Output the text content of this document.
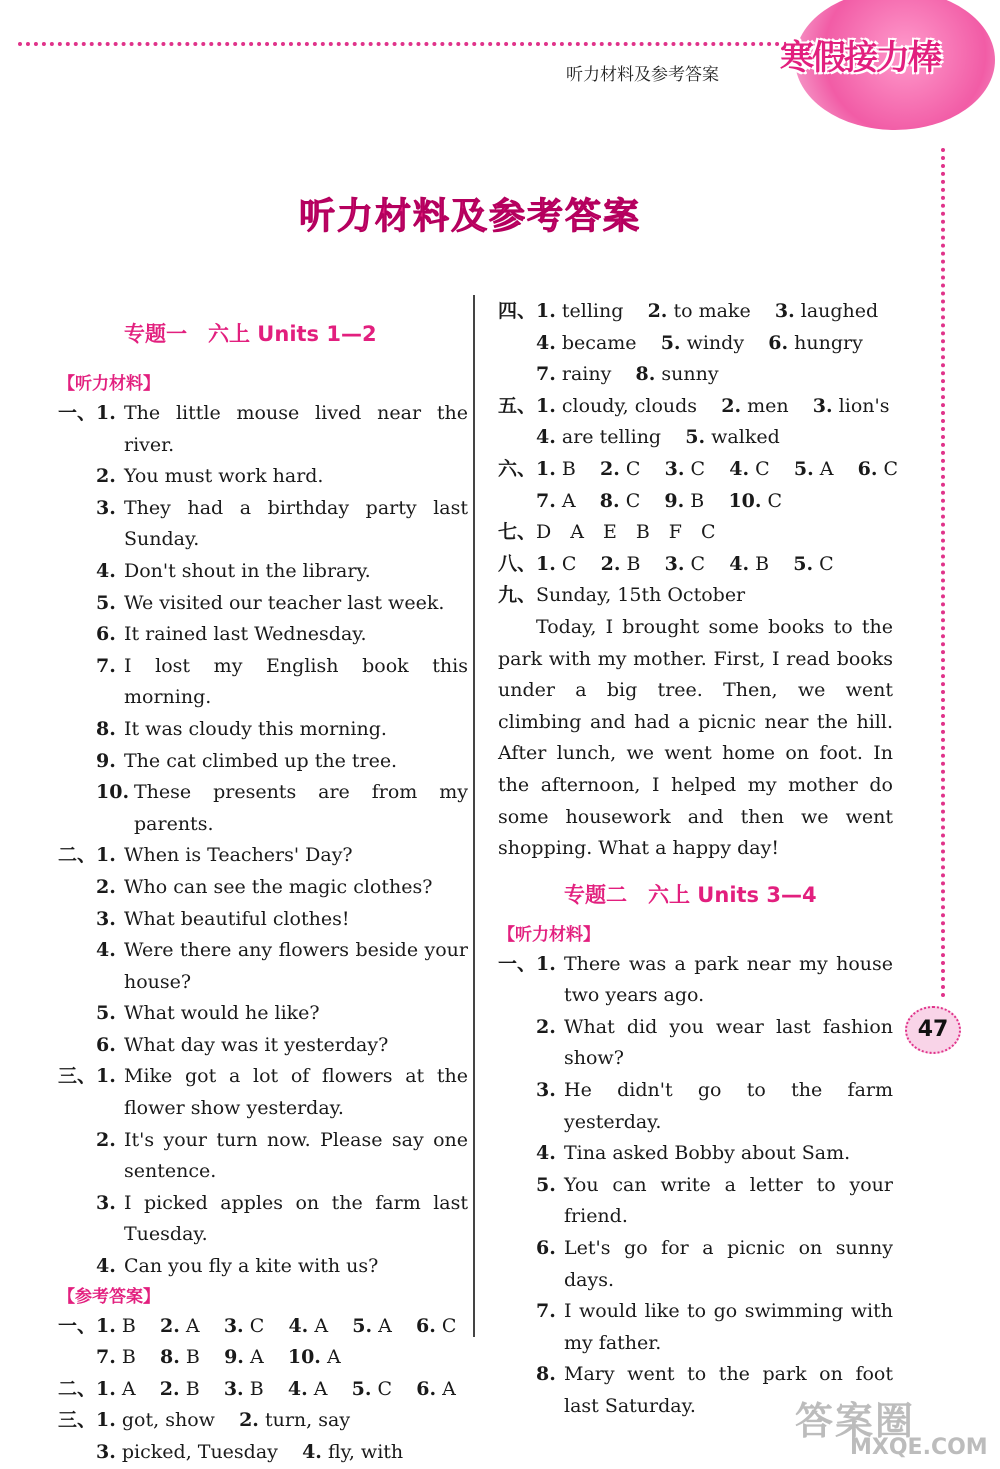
听力材料及参考答案 寒假接力棒
听力材料及参考答案
专题一　六上 Units 1—2
【听力材料】
一、 1. The little mouse lived near the river.
2. You must work hard.
3. They had a birthday party last Sunday.
4. Don't shout in the library.
5. We visited our teacher last week.
6. It rained last Wednesday.
7. I lost my English book this morning.
8. It was cloudy this morning.
9. The cat climbed up the tree.
10. These presents are from my parents.
二、 1. When is Teachers' Day?
2. Who can see the magic clothes?
3. What beautiful clothes!
4. Were there any flowers beside your house?
5. What would he like?
6. What day was it yesterday?
三、 1. Mike got a lot of flowers at the flower show yesterday.
2. It's your turn now. Please say one sentence.
3. I picked apples on the farm last Tuesday.
4. Can you fly a kite with us?
【参考答案】
一、 1. B 2. A 3. C 4. A 5. A 6. C
7. B 8. B 9. A 10. A
二、 1. A 2. B 3. B 4. A 5. C 6. A
三、 1. got, show 2. turn, say
3. picked, Tuesday 4. fly, with
四、 1. telling 2. to make 3. laughed
4. became 5. windy 6. hungry
7. rainy 8. sunny
五、 1. cloudy, clouds 2. men 3. lion's
4. are telling 5. walked
六、 1. B 2. C 3. C 4. C 5. A 6. C
7. A 8. C 9. B 10. C
七、 D　A　E　B　F　C
八、 1. C 2. B 3. C 4. B 5. C
九、 Sunday, 15th October
Today, I brought some books to the park with my mother. First, I read books under a big tree. Then, we went climbing and had a picnic near the hill. After lunch, we went home on foot. In the afternoon, I helped my mother do some housework and then we went shopping. What a happy day!
专题二　六上 Units 3—4
【听力材料】
一、 1. There was a park near my house two years ago.
2. What did you wear last fashion show?
3. He didn't go to the farm yesterday.
4. Tina asked Bobby about Sam.
5. You can write a letter to your friend.
6. Let's go for a picnic on sunny days.
7. I would like to go swimming with my father.
8. Mary went to the park on foot last Saturday.
47
答案圈
MXQE.COM
